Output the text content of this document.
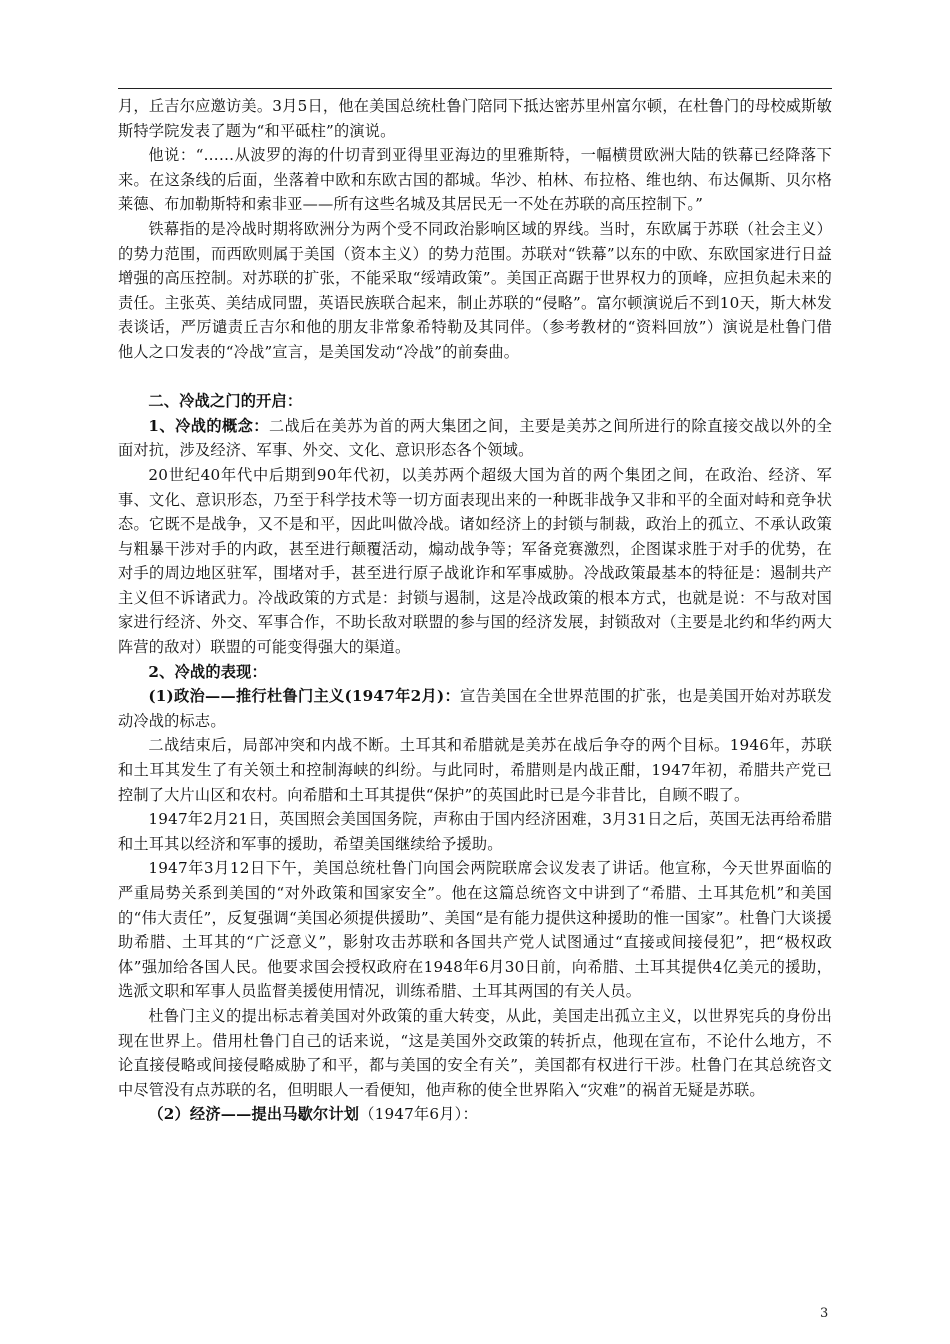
月，丘吉尔应邀访美。3月5日，他在美国总统杜鲁门陪同下抵达密苏里州富尔顿，在杜鲁门的母校威斯敏斯特学院发表了题为“和平砥柱”的演说。

他说：“……从波罗的海的什切青到亚得里亚海边的里雅斯特，一幅横贯欧洲大陆的铁幕已经降落下来。在这条线的后面，坐落着中欧和东欧古国的都城。华沙、柏林、布拉格、维也纳、布达佩斯、贝尔格莱德、布加勒斯特和索非亚——所有这些名城及其居民无一不处在苏联的高压控制下。”

铁幕指的是冷战时期将欧洲分为两个受不同政治影响区域的界线。当时，东欧属于苏联（社会主义）的势力范围，而西欧则属于美国（资本主义）的势力范围。苏联对“铁幕”以东的中欧、东欧国家进行日益增强的高压控制。对苏联的扩张，不能采取“绥靖政策”。美国正高踞于世界权力的顶峰，应担负起未来的责任。主张英、美结成同盟，英语民族联合起来，制止苏联的“侵略”。富尔顿演说后不到10天，斯大林发表谈话，严厉谴责丘吉尔和他的朋友非常象希特勒及其同伴。（参考教材的“资料回放”）演说是杜鲁门借他人之口发表的“冷战”宣言，是美国发动“冷战”的前奏曲。

二、冷战之门的开启：

1、冷战的概念：二战后在美苏为首的两大集团之间，主要是美苏之间所进行的除直接交战以外的全面对抗，涉及经济、军事、外交、文化、意识形态各个领域。

20世纪40年代中后期到90年代初，以美苏两个超级大国为首的两个集团之间，在政治、经济、军事、文化、意识形态，乃至于科学技术等一切方面表现出来的一种既非战争又非和平的全面对峙和竞争状态。它既不是战争，又不是和平，因此叫做冷战。诸如经济上的封锁与制裁，政治上的孤立、不承认政策与粗暴干涉对手的内政，甚至进行颠覆活动，煽动战争等；军备竞赛激烈，企图谋求胜于对手的优势，在对手的周边地区驻军，围堵对手，甚至进行原子战讹诈和军事威胁。冷战政策最基本的特征是：遏制共产主义但不诉诸武力。冷战政策的方式是：封锁与遏制，这是冷战政策的根本方式，也就是说：不与敌对国家进行经济、外交、军事合作，不助长敌对联盟的参与国的经济发展，封锁敌对（主要是北约和华约两大阵营的敌对）联盟的可能变得强大的渠道。

2、冷战的表现：

(1)政治——推行杜鲁门主义(1947年2月)：宣告美国在全世界范围的扩张，也是美国开始对苏联发动冷战的标志。

二战结束后，局部冲突和内战不断。土耳其和希腊就是美苏在战后争夺的两个目标。1946年，苏联和土耳其发生了有关领土和控制海峡的纠纷。与此同时，希腊则是内战正酣，1947年初，希腊共产党已控制了大片山区和农村。向希腊和土耳其提供“保护”的英国此时已是今非昔比，自顾不暇了。

1947年2月21日，英国照会美国国务院，声称由于国内经济困难，3月31日之后，英国无法再给希腊和土耳其以经济和军事的援助，希望美国继续给予援助。

1947年3月12日下午，美国总统杜鲁门向国会两院联席会议发表了讲话。他宣称，今天世界面临的严重局势关系到美国的“对外政策和国家安全”。他在这篇总统咨文中讲到了“希腊、土耳其危机”和美国的“伟大责任”，反复强调“美国必须提供援助”、美国“是有能力提供这种援助的惟一国家”。杜鲁门大谈援助希腊、土耳其的“广泛意义”，影射攻击苏联和各国共产党人试图通过“直接或间接侵犯”，把“极权政体”强加给各国人民。他要求国会授权政府在1948年6月30日前，向希腊、土耳其提供4亿美元的援助，选派文职和军事人员监督美援使用情况，训练希腊、土耳其两国的有关人员。

杜鲁门主义的提出标志着美国对外政策的重大转变，从此，美国走出孤立主义，以世界宪兵的身份出现在世界上。借用杜鲁门自己的话来说，“这是美国外交政策的转折点，他现在宣布，不论什么地方，不论直接侵略或间接侵略威胁了和平，都与美国的安全有关”，美国都有权进行干涉。杜鲁门在其总统咨文中尽管没有点苏联的名，但明眼人一看便知，他声称的使全世界陷入“灾难”的祸首无疑是苏联。

（2）经济——提出马歇尔计划（1947年6月）：

3
